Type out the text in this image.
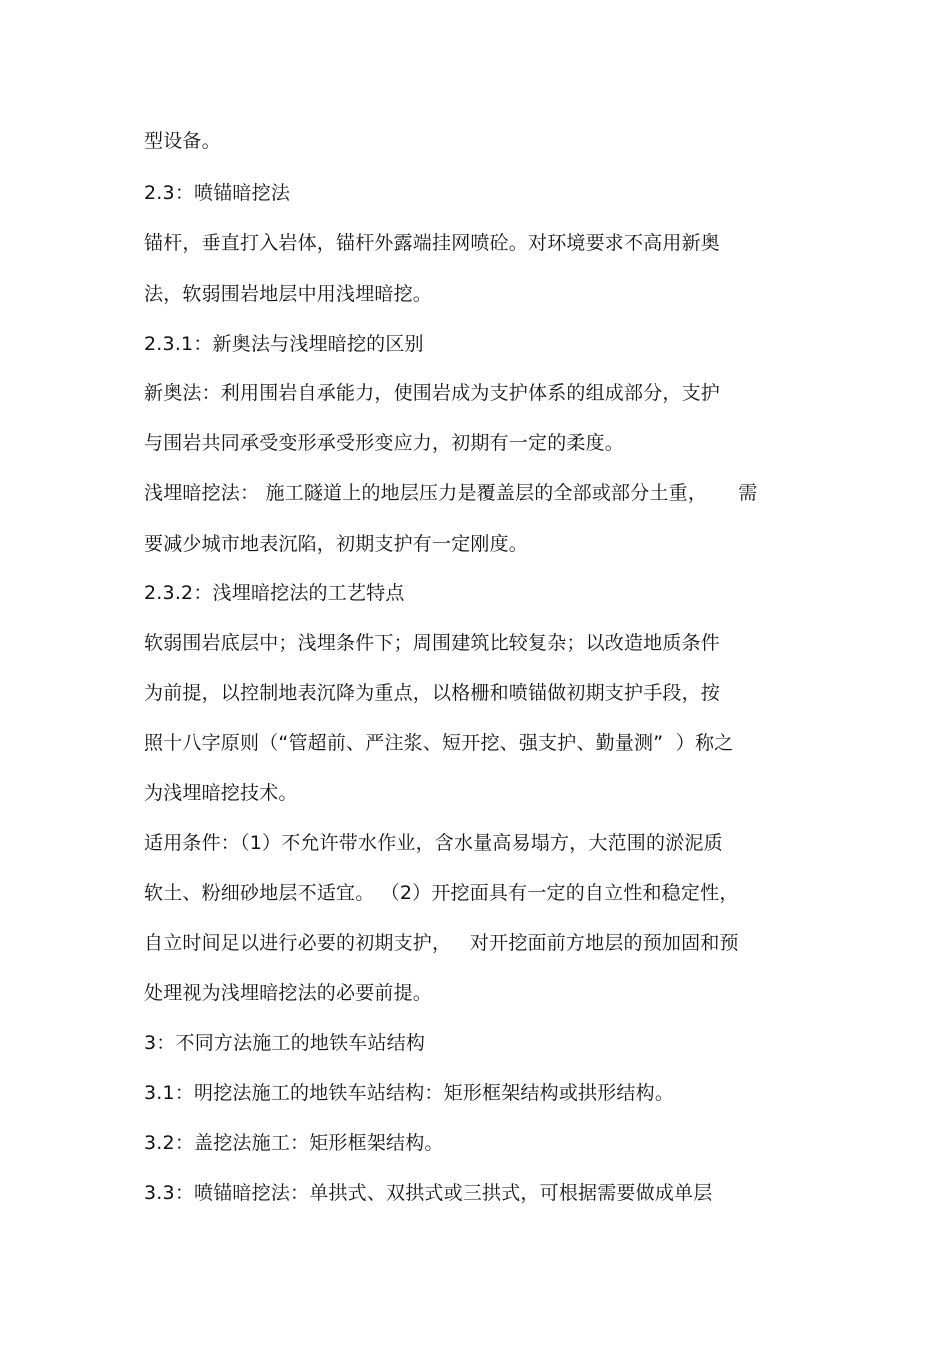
型设备。
2.3：喷锚暗挖法
锚杆，垂直打入岩体，锚杆外露端挂网喷砼。对环境要求不高用新奥
法，软弱围岩地层中用浅埋暗挖。
2.3.1：新奥法与浅埋暗挖的区别
新奥法：利用围岩自承能力，使围岩成为支护体系的组成部分，支护
与围岩共同承受变形承受形变应力，初期有一定的柔度。
浅埋暗挖法： 施工隧道上的地层压力是覆盖层的全部或部分土重，     需
要减少城市地表沉陷，初期支护有一定刚度。
2.3.2：浅埋暗挖法的工艺特点
软弱围岩底层中；浅埋条件下；周围建筑比较复杂；以改造地质条件
为前提，以控制地表沉降为重点，以格栅和喷锚做初期支护手段，按
照十八字原则（“管超前、严注浆、短开挖、强支护、勤量测”  ）称之
为浅埋暗挖技术。
适用条件：（1）不允许带水作业，含水量高易塌方，大范围的淤泥质
软土、粉细砂地层不适宜。 （2）开挖面具有一定的自立性和稳定性，
自立时间足以进行必要的初期支护，   对开挖面前方地层的预加固和预
处理视为浅埋暗挖法的必要前提。
3：不同方法施工的地铁车站结构
3.1：明挖法施工的地铁车站结构：矩形框架结构或拱形结构。
3.2：盖挖法施工：矩形框架结构。
3.3：喷锚暗挖法：单拱式、双拱式或三拱式，可根据需要做成单层
